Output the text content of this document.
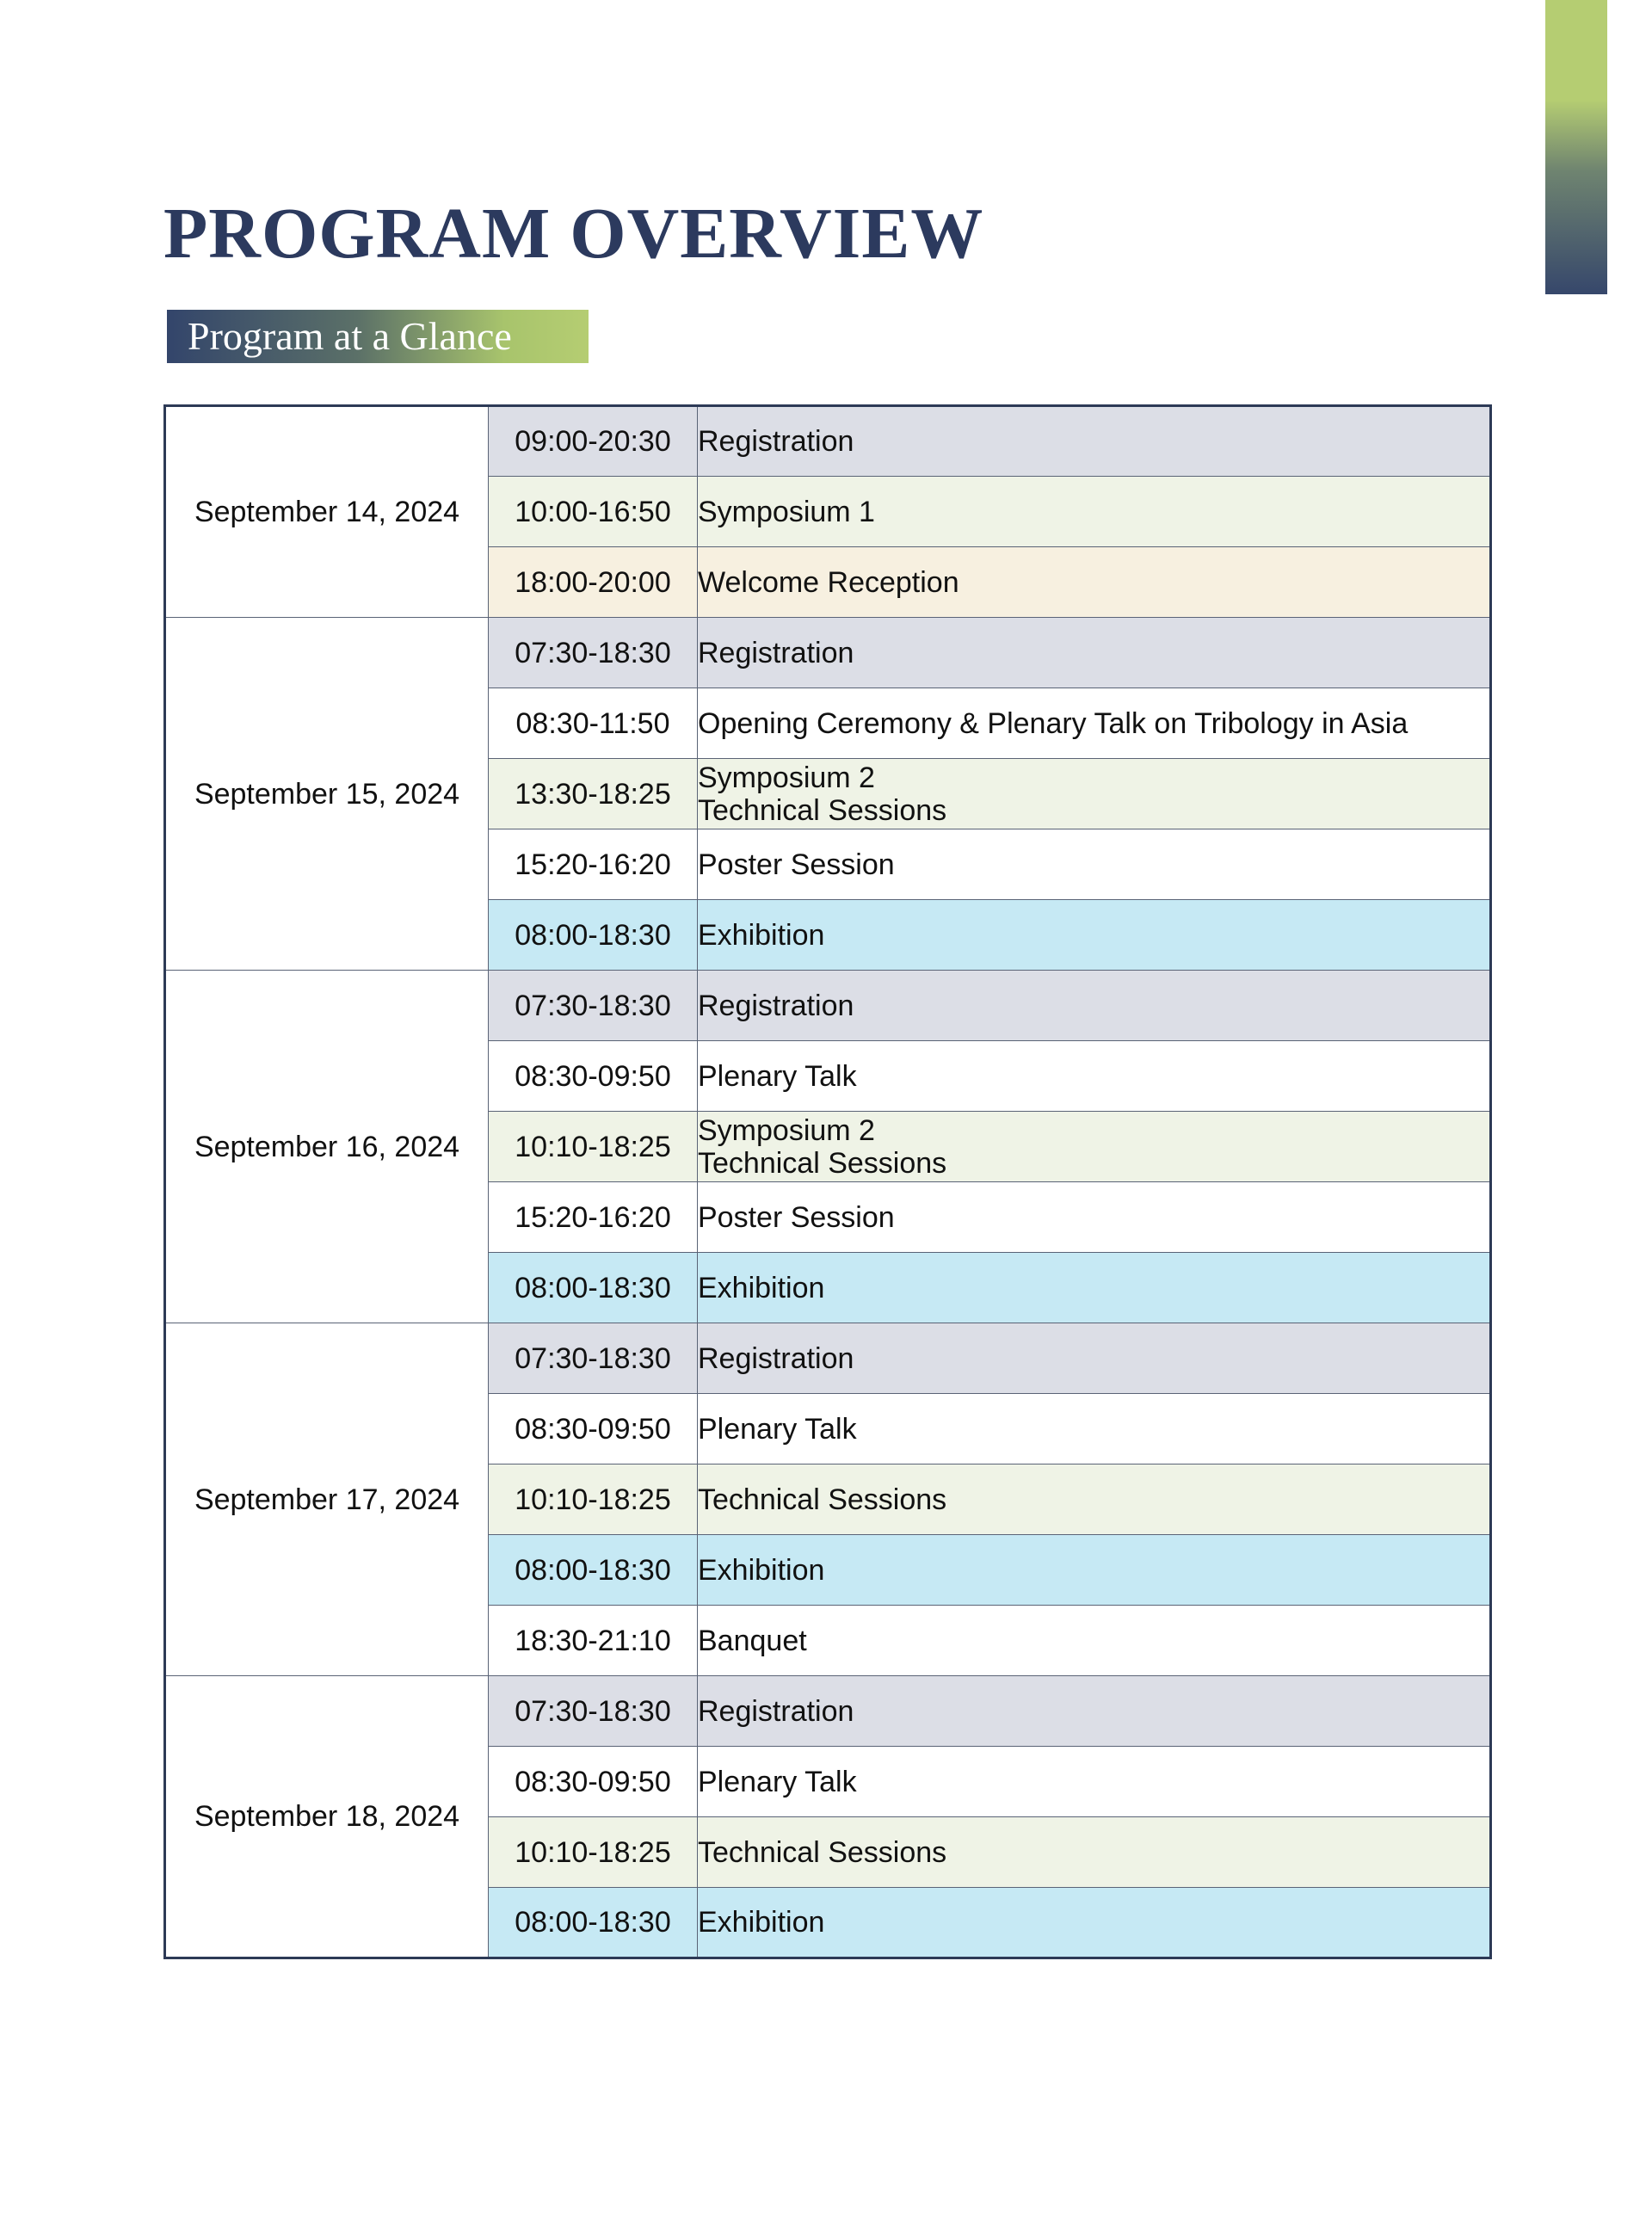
PROGRAM OVERVIEW
Program at a Glance
September 14, 2024	09:00-20:30	Registration

	10:00-16:50	Symposium 1

	18:00-20:00	Welcome Reception

September 15, 2024	07:30-18:30	Registration

	08:30-11:50	Opening Ceremony & Plenary Talk on Tribology in Asia

	13:30-18:25	Symposium 2
Technical Sessions

	15:20-16:20	Poster Session

	08:00-18:30	Exhibition

September 16, 2024	07:30-18:30	Registration

	08:30-09:50	Plenary Talk

	10:10-18:25	Symposium 2
Technical Sessions

	15:20-16:20	Poster Session

	08:00-18:30	Exhibition

September 17, 2024	07:30-18:30	Registration

	08:30-09:50	Plenary Talk

	10:10-18:25	Technical Sessions

	08:00-18:30	Exhibition

	18:30-21:10	Banquet

September 18, 2024	07:30-18:30	Registration

	08:30-09:50	Plenary Talk

	10:10-18:25	Technical Sessions

	08:00-18:30	Exhibition
